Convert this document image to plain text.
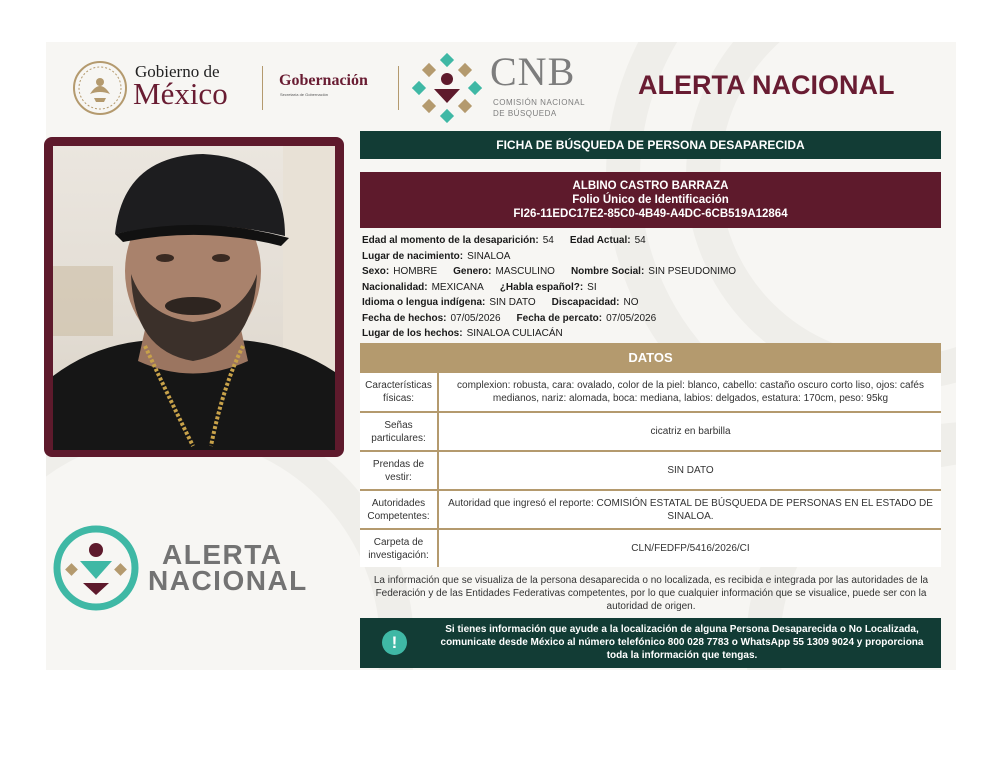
Gobierno de
México	Gobernación
Secretaría de Gobernación
CNB
COMISIÓN NACIONAL
DE BÚSQUEDA
ALERTA NACIONAL
FICHA DE BÚSQUEDA DE PERSONA DESAPARECIDA
ALBINO CASTRO BARRAZA
Folio Único de Identificación
FI26-11EDC17E2-85C0-4B49-A4DC-6CB519A12864
Edad al momento de la desaparición: 54 Edad Actual: 54
Lugar de nacimiento: SINALOA
Sexo: HOMBRE Genero: MASCULINO Nombre Social: SIN PSEUDONIMO
Nacionalidad: MEXICANA ¿Habla español?: SI
Idioma o lengua indígena: SIN DATO Discapacidad: NO
Fecha de hechos: 07/05/2026 Fecha de percato: 07/05/2026
Lugar de los hechos: SINALOA CULIACÁN
DATOS
Características físicas:
complexion: robusta, cara: ovalado, color de la piel: blanco, cabello: castaño oscuro corto liso, ojos: cafés medianos, nariz: alomada, boca: mediana, labios: delgados, estatura: 170cm, peso: 95kg
Señas particulares:
cicatriz en barbilla
Prendas de vestir:
SIN DATO
Autoridades Competentes:
Autoridad que ingresó el reporte: COMISIÓN ESTATAL DE BÚSQUEDA DE PERSONAS EN EL ESTADO DE SINALOA.
Carpeta de investigación:
CLN/FEDFP/5416/2026/CI
La información que se visualiza de la persona desaparecida o no localizada, es recibida e integrada por las autoridades de la Federación y de las Entidades Federativas competentes, por lo que cualquier información que se visualice, puede ser con la autoridad de origen.
!
Si tienes información que ayude a la localización de alguna Persona Desaparecida o No Localizada, comunicate desde México al número telefónico 800 028 7783 o WhatsApp 55 1309 9024 y proporciona toda la información que tengas.
ALERTA
NACIONAL
